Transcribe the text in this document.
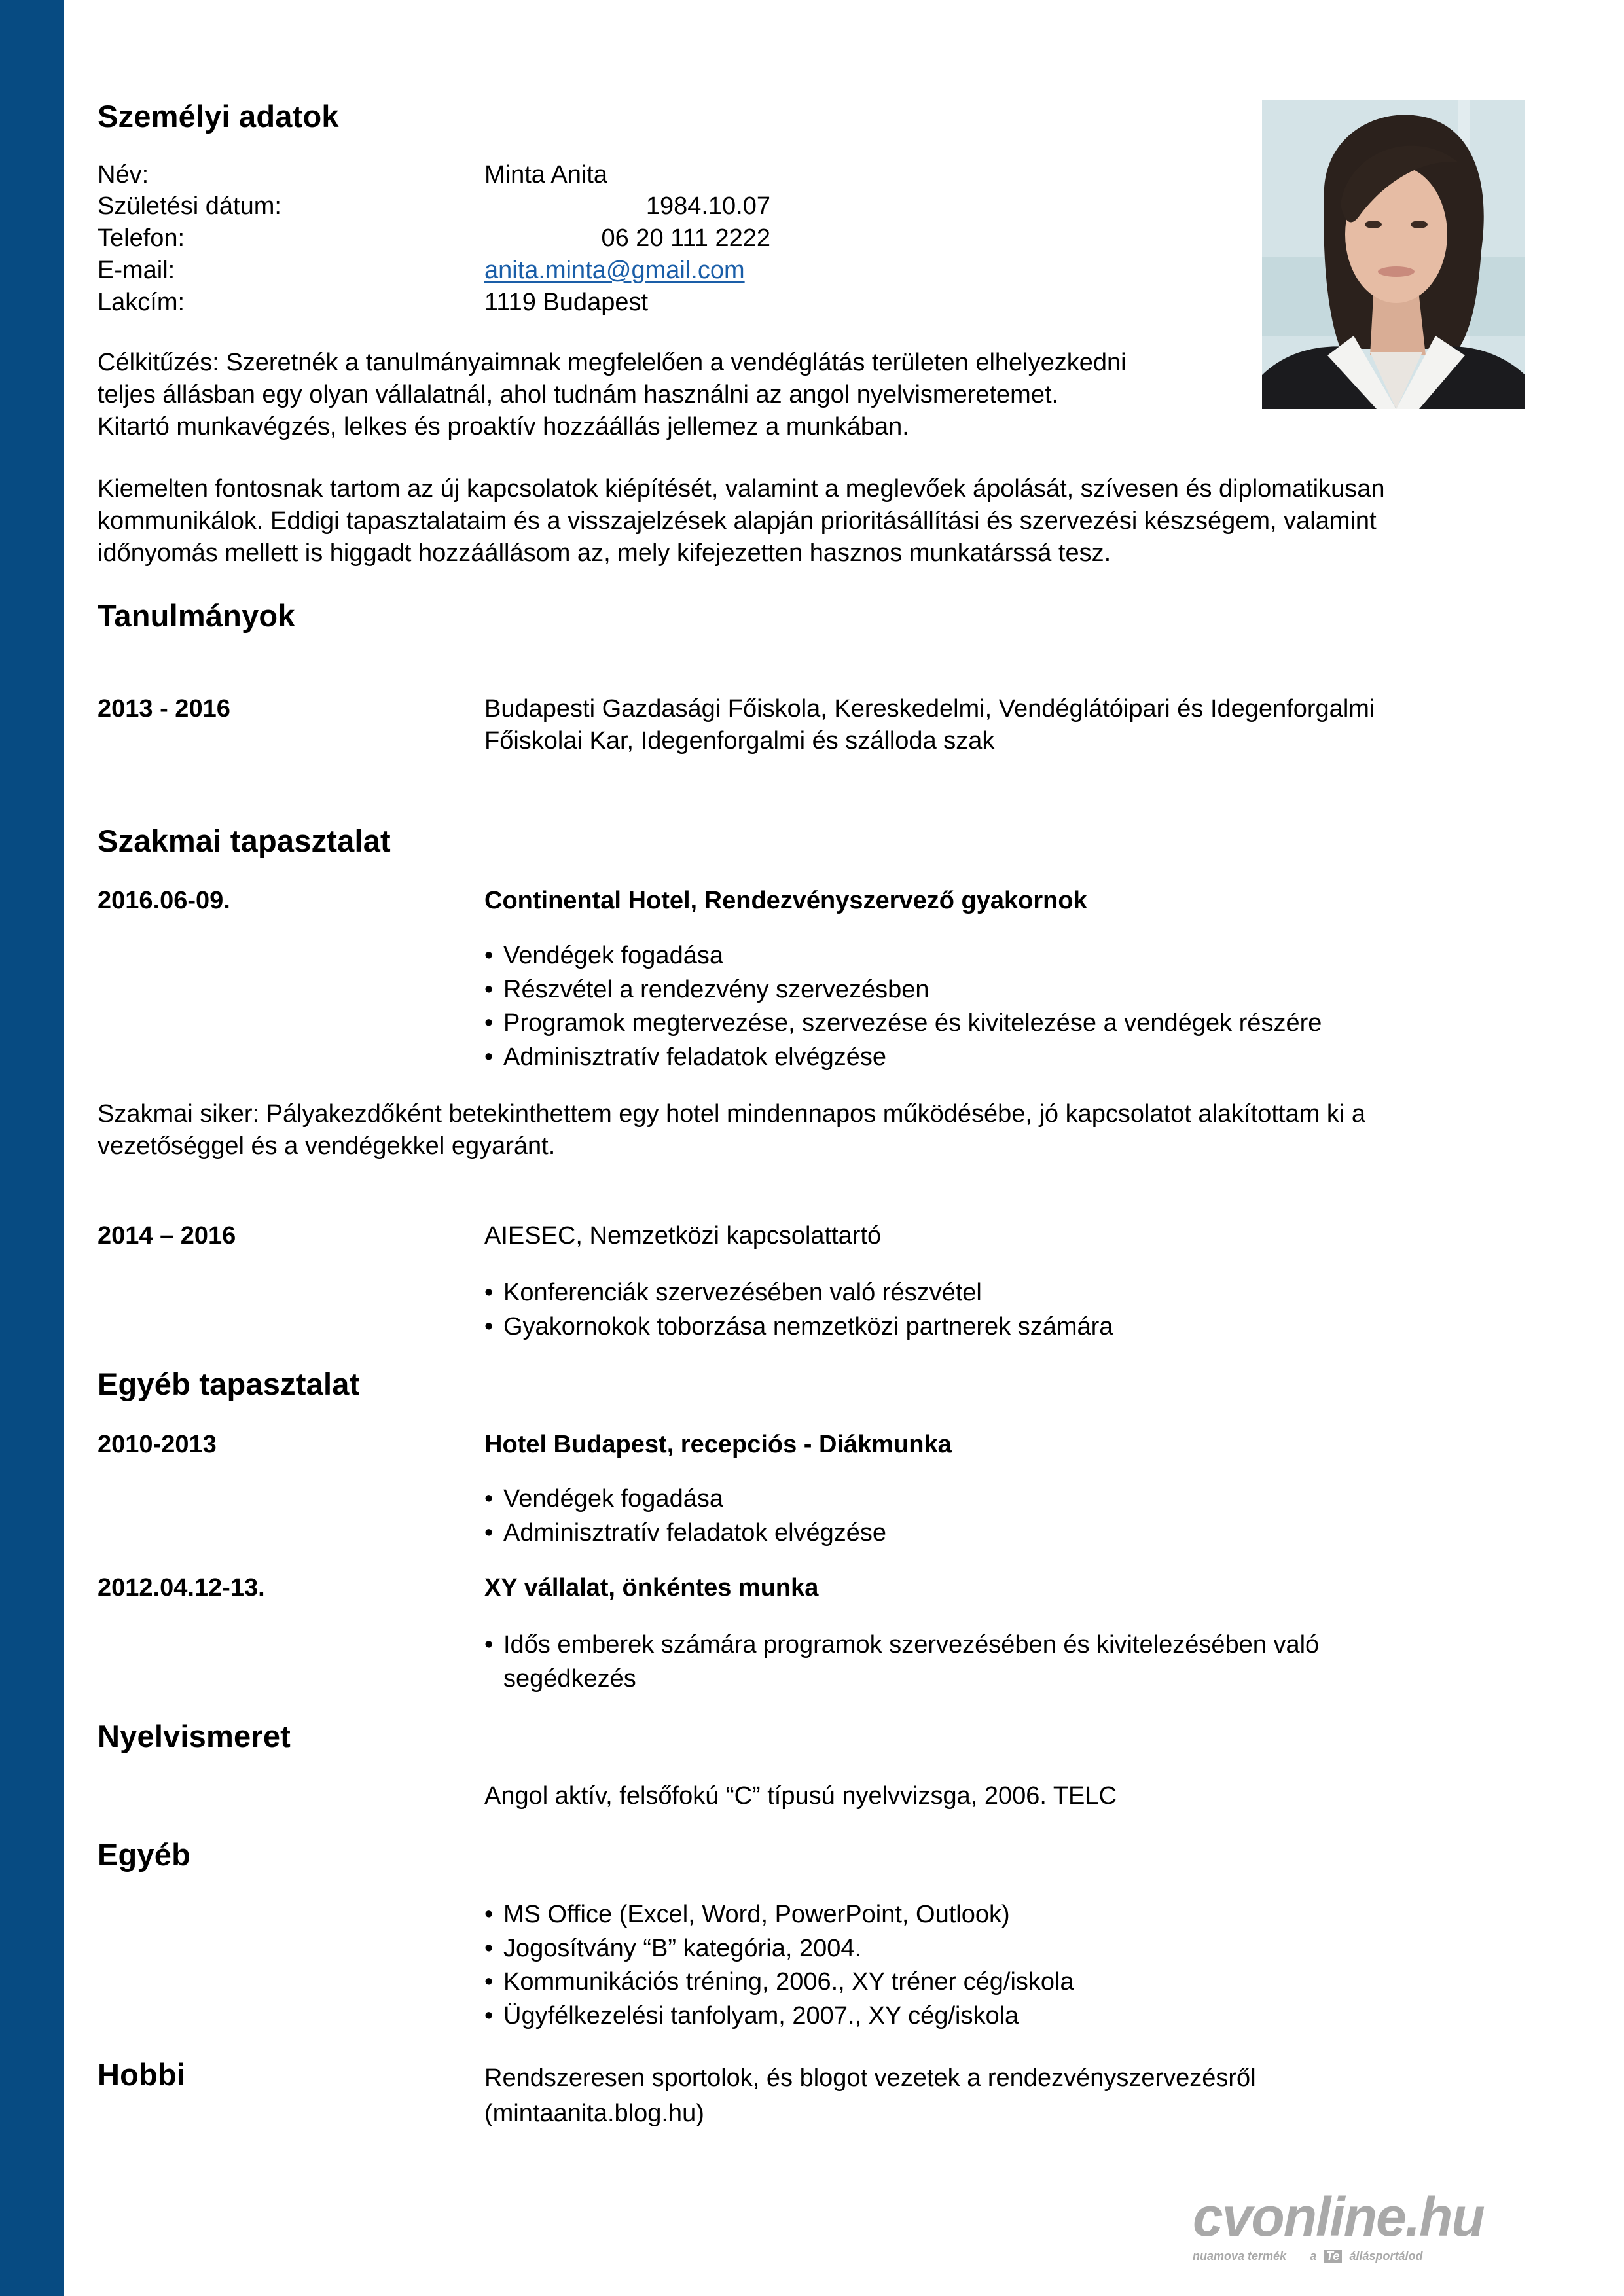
Személyi adatok
Név:	Minta Anita
Születési dátum:	1984.10.07
Telefon:	06 20 111 2222
E-mail:	anita.minta@gmail.com
Lakcím:	1119 Budapest
Célkitűzés: Szeretnék a tanulmányaimnak megfelelően a vendéglátás területen elhelyezkedni
teljes állásban egy olyan vállalatnál, ahol tudnám használni az angol nyelvismeretemet.
Kitartó munkavégzés, lelkes és proaktív hozzáállás jellemez a munkában.
Kiemelten fontosnak tartom az új kapcsolatok kiépítését, valamint a meglevőek ápolását, szívesen és diplomatikusan
kommunikálok. Eddigi tapasztalataim és a visszajelzések alapján prioritásállítási és szervezési készségem, valamint
időnyomás mellett is higgadt hozzáállásom az, mely kifejezetten hasznos munkatárssá tesz.
Tanulmányok
2013 - 2016	Budapesti Gazdasági Főiskola, Kereskedelmi, Vendéglátóipari és Idegenforgalmi
Főiskolai Kar, Idegenforgalmi és szálloda szak
Szakmai tapasztalat
2016.06-09.	Continental Hotel, Rendezvényszervező gyakornok
• Vendégek fogadása
• Részvétel a rendezvény szervezésben
• Programok megtervezése, szervezése és kivitelezése a vendégek részére
• Adminisztratív feladatok elvégzése
Szakmai siker: Pályakezdőként betekinthettem egy hotel mindennapos működésébe, jó kapcsolatot alakítottam ki a
vezetőséggel és a vendégekkel egyaránt.
2014 – 2016	AIESEC, Nemzetközi kapcsolattartó
• Konferenciák szervezésében való részvétel
• Gyakornokok toborzása nemzetközi partnerek számára
Egyéb tapasztalat
2010-2013	Hotel Budapest, recepciós - Diákmunka
• Vendégek fogadása
• Adminisztratív feladatok elvégzése
2012.04.12-13.	XY vállalat, önkéntes munka
• Idős emberek számára programok szervezésében és kivitelezésében való
segédkezés
Nyelvismeret
Angol aktív, felsőfokú “C” típusú nyelvvizsga, 2006. TELC
Egyéb
• MS Office (Excel, Word, PowerPoint, Outlook)
• Jogosítvány “B” kategória, 2004.
• Kommunikációs tréning, 2006., XY tréner cég/iskola
• Ügyfélkezelési tanfolyam, 2007., XY cég/iskola
Hobbi	Rendszeresen sportolok, és blogot vezetek a rendezvényszervezésről
(mintaanita.blog.hu)
cvonline.hu
nuamova termék a Te állásportálod
